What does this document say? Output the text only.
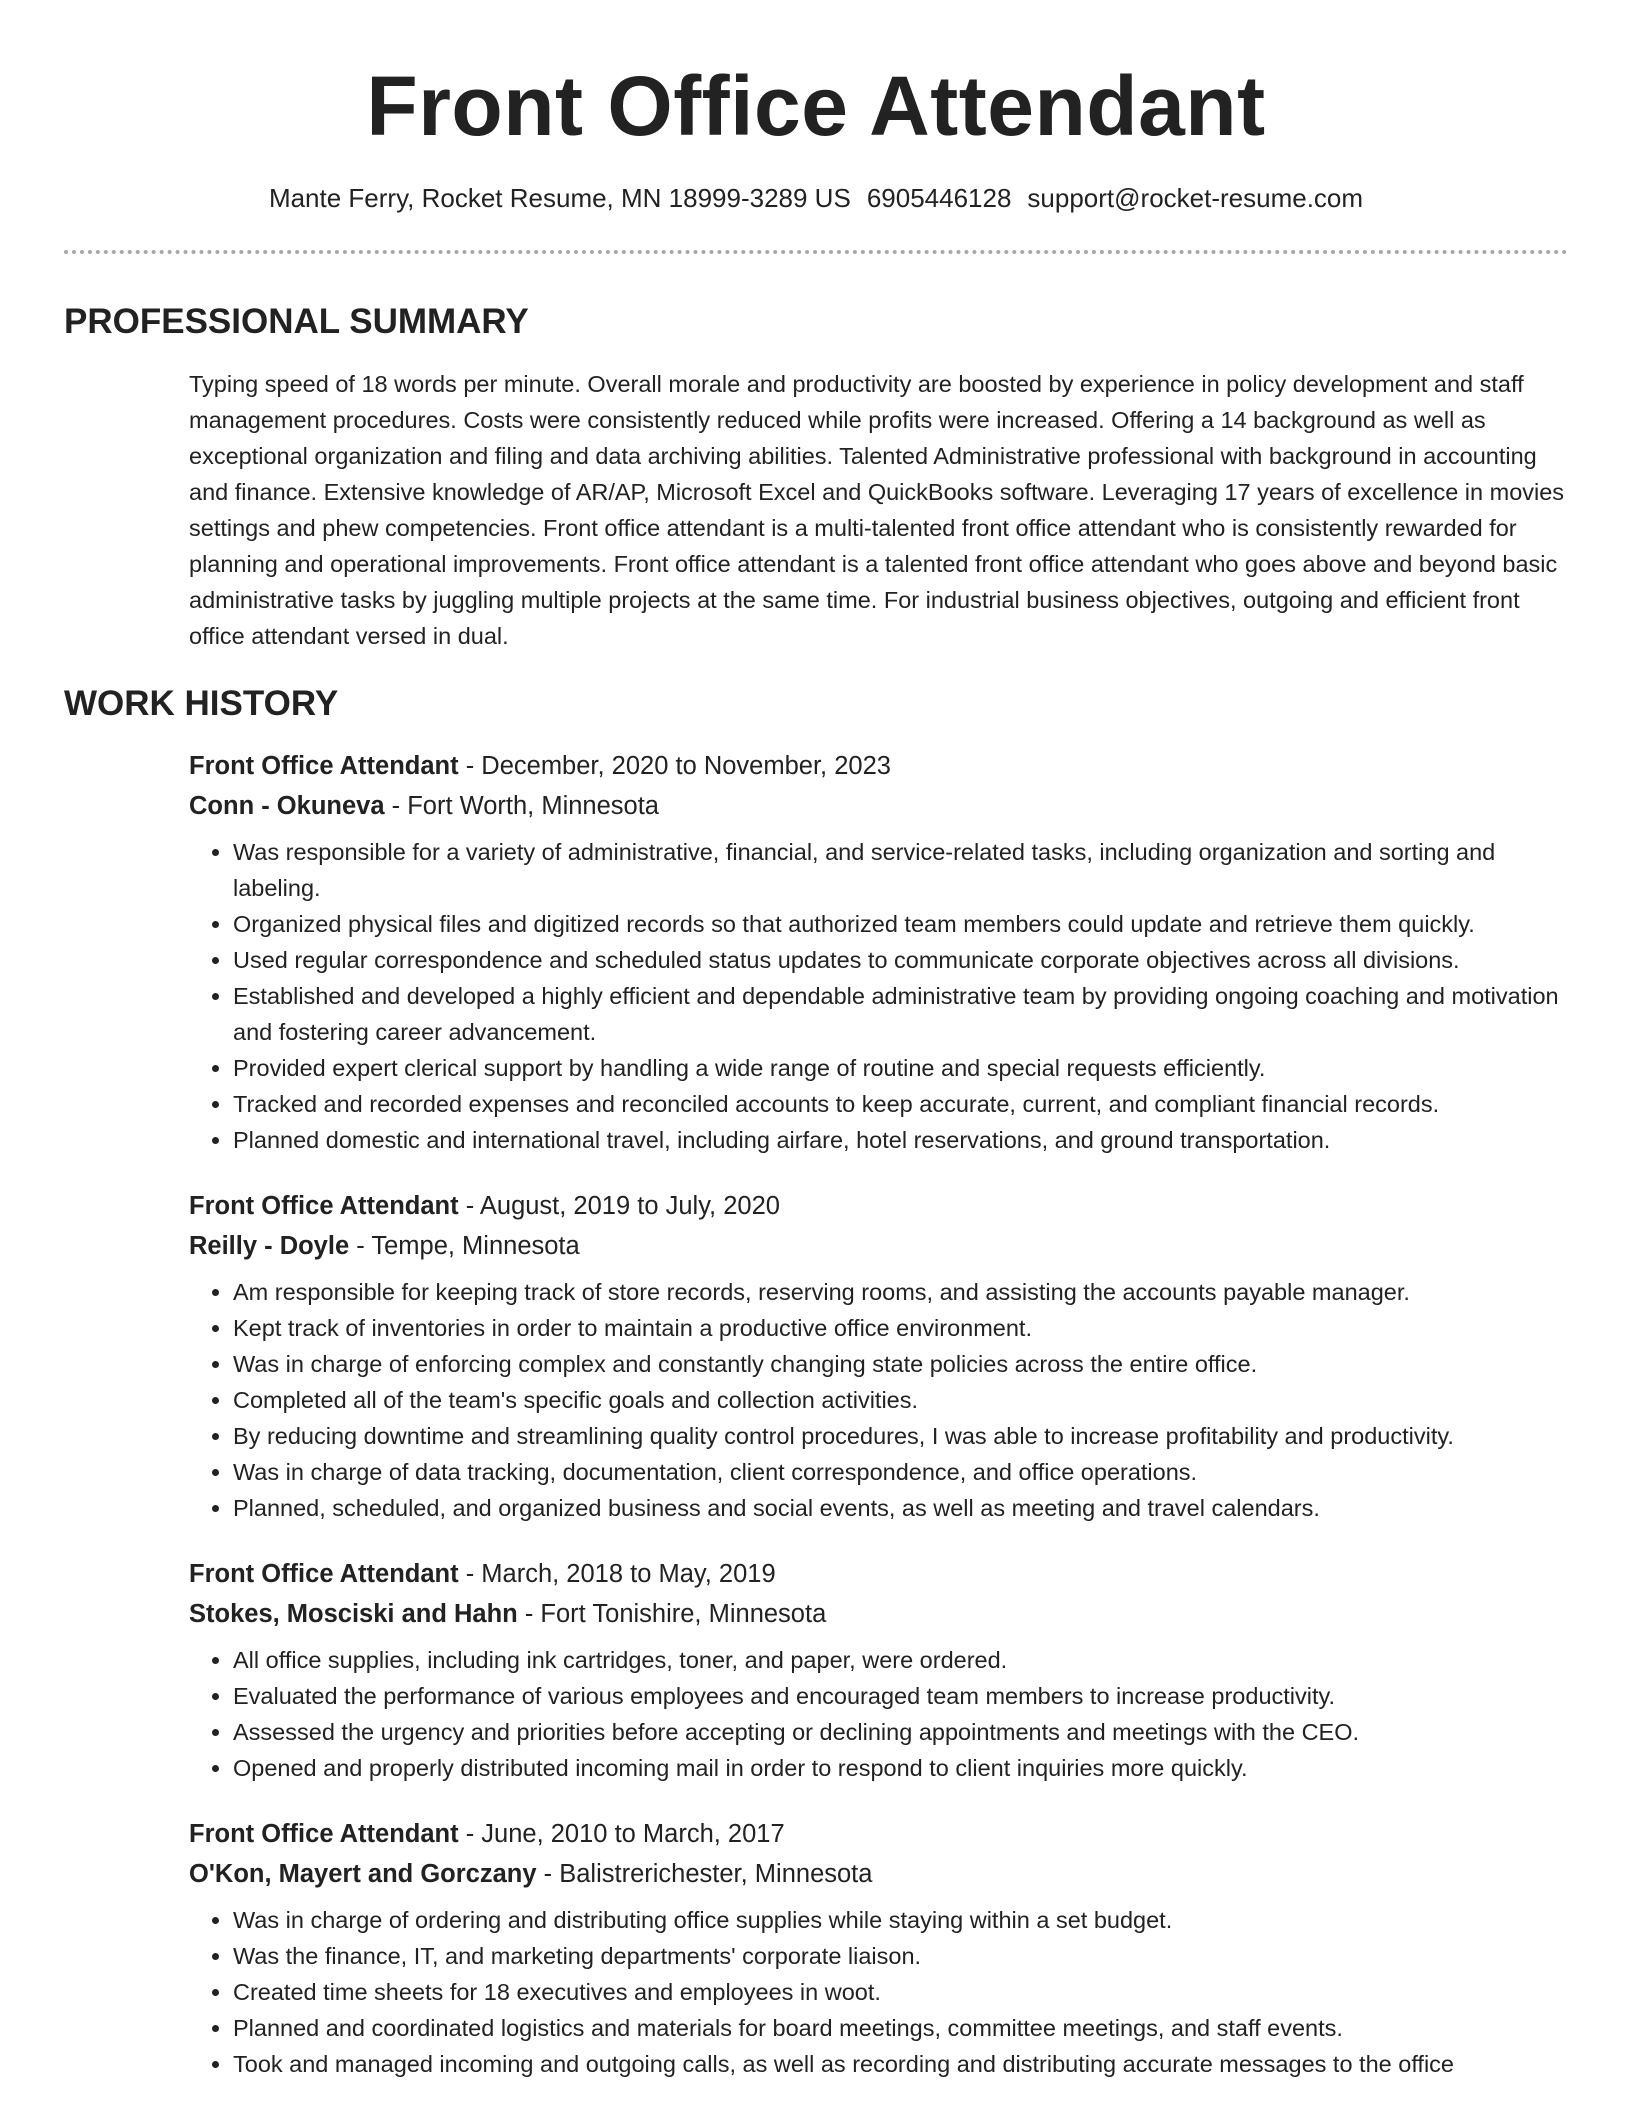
Front Office Attendant
Mante Ferry, Rocket Resume, MN 18999-3289 US 6905446128 support@rocket-resume.com
PROFESSIONAL SUMMARY

Typing speed of 18 words per minute. Overall morale and productivity are boosted by experience in policy development and staff management procedures. Costs were consistently reduced while profits were increased. Offering a 14 background as well as exceptional organization and filing and data archiving abilities. Talented Administrative professional with background in accounting and finance. Extensive knowledge of AR/AP, Microsoft Excel and QuickBooks software. Leveraging 17 years of excellence in movies settings and phew competencies. Front office attendant is a multi-talented front office attendant who is consistently rewarded for planning and operational improvements. Front office attendant is a talented front office attendant who goes above and beyond basic administrative tasks by juggling multiple projects at the same time. For industrial business objectives, outgoing and efficient front office attendant versed in dual.

WORK HISTORY
Front Office Attendant - December, 2020 to November, 2023
Conn - Okuneva - Fort Worth, Minnesota
• Was responsible for a variety of administrative, financial, and service-related tasks, including organization and sorting and labeling.
• Organized physical files and digitized records so that authorized team members could update and retrieve them quickly.
• Used regular correspondence and scheduled status updates to communicate corporate objectives across all divisions.
• Established and developed a highly efficient and dependable administrative team by providing ongoing coaching and motivation and fostering career advancement.
• Provided expert clerical support by handling a wide range of routine and special requests efficiently.
• Tracked and recorded expenses and reconciled accounts to keep accurate, current, and compliant financial records.
• Planned domestic and international travel, including airfare, hotel reservations, and ground transportation.
Front Office Attendant - August, 2019 to July, 2020
Reilly - Doyle - Tempe, Minnesota
• Am responsible for keeping track of store records, reserving rooms, and assisting the accounts payable manager.
• Kept track of inventories in order to maintain a productive office environment.
• Was in charge of enforcing complex and constantly changing state policies across the entire office.
• Completed all of the team's specific goals and collection activities.
• By reducing downtime and streamlining quality control procedures, I was able to increase profitability and productivity.
• Was in charge of data tracking, documentation, client correspondence, and office operations.
• Planned, scheduled, and organized business and social events, as well as meeting and travel calendars.
Front Office Attendant - March, 2018 to May, 2019
Stokes, Mosciski and Hahn - Fort Tonishire, Minnesota
• All office supplies, including ink cartridges, toner, and paper, were ordered.
• Evaluated the performance of various employees and encouraged team members to increase productivity.
• Assessed the urgency and priorities before accepting or declining appointments and meetings with the CEO.
• Opened and properly distributed incoming mail in order to respond to client inquiries more quickly.
Front Office Attendant - June, 2010 to March, 2017
O'Kon, Mayert and Gorczany - Balistrerichester, Minnesota
• Was in charge of ordering and distributing office supplies while staying within a set budget.
• Was the finance, IT, and marketing departments' corporate liaison.
• Created time sheets for 18 executives and employees in woot.
• Planned and coordinated logistics and materials for board meetings, committee meetings, and staff events.
• Took and managed incoming and outgoing calls, as well as recording and distributing accurate messages to the office
